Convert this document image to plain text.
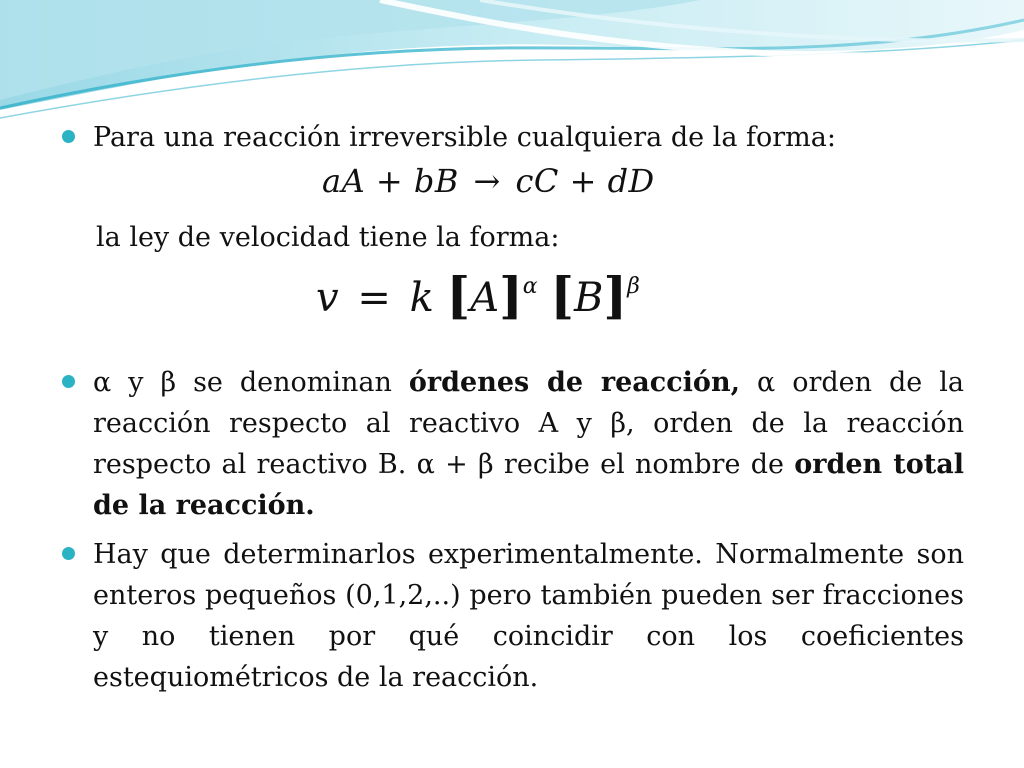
Para una reacción irreversible cualquiera de la forma:
aA + bB → cC + dD
la ley de velocidad tiene la forma:
v = k $[A]^\alpha$ $[B]^\beta$
α y β se denominan órdenes de reacción, α orden de la reacción respecto al reactivo A y β, orden de la reacción respecto al reactivo B. α + β recibe el nombre de orden total de la reacción.
Hay que determinarlos experimentalmente. Normalmente son enteros pequeños (0,1,2,..) pero también pueden ser fracciones y no tienen por qué coincidir con los coeficientes estequiométricos de la reacción.
